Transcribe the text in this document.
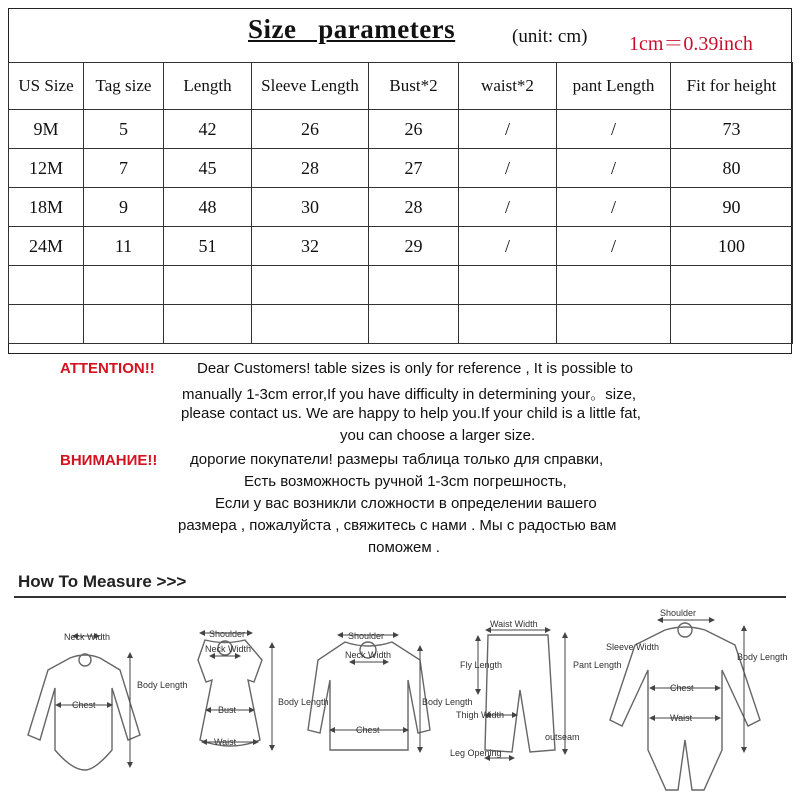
Size   parameters	(unit: cm) 1cm＝0.39inch
US Size	Tag size	Length	Sleeve Length	Bust*2	waist*2	pant Length	Fit for height
9M	5	42	26	26	/	/	73
12M	7	45	28	27	/	/	80
18M	9	48	30	28	/	/	90
24M	11	51	32	29	/	/	100

ATTENTION!!	Dear Customers! table sizes is only for reference , It is possible to
manually 1-3cm error,If you have difficulty in determining your。size,
please contact us. We are happy to help you.If your child is a little fat,
you can choose a larger size.
ВНИМАНИЕ!! дорогие покупатели! размеры таблица только для справки,
Есть возможность ручной 1-3cm погрешность,
Если у вас возникли сложности в определении вашего
размера , пожалуйста , свяжитесь с нами . Мы с радостью вам
поможем .
How To Measure >>>
Neck Width
Chest
Body Length
Shoulder
Neck Width
Bust
Waist
Body Length
Shoulder
Neck Width
Chest
Body Length
Waist Width
Fly Length
Thigh Width
Leg Opening
Pant Length
outseam
Shoulder
Sleeve Width
Chest
Waist
Body Length
